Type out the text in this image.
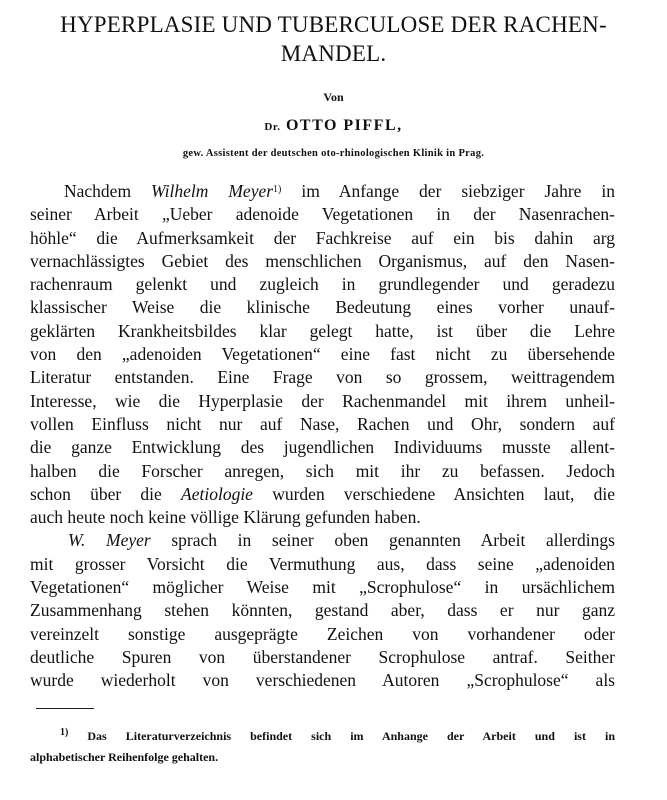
HYPERPLASIE UND TUBERCULOSE DER RACHEN-
MANDEL.
Von
Dr. OTTO PIFFL,
gew. Assistent der deutschen oto-rhinologischen Klinik in Prag.
Nachdem Wilhelm Meyer$^{1)}$ im Anfange der siebziger Jahre in
seiner Arbeit „Ueber adenoide Vegetationen in der Nasenrachen-
höhle“ die Aufmerksamkeit der Fachkreise auf ein bis dahin arg
vernachlässigtes Gebiet des menschlichen Organismus, auf den Nasen-
rachenraum gelenkt und zugleich in grundlegender und geradezu
klassischer Weise die klinische Bedeutung eines vorher unauf-
geklärten Krankheitsbildes klar gelegt hatte, ist über die Lehre
von den „adenoiden Vegetationen“ eine fast nicht zu übersehende
Literatur entstanden. Eine Frage von so grossem, weittragendem
Interesse, wie die Hyperplasie der Rachenmandel mit ihrem unheil-
vollen Einfluss nicht nur auf Nase, Rachen und Ohr, sondern auf
die ganze Entwicklung des jugendlichen Individuums musste allent-
halben die Forscher anregen, sich mit ihr zu befassen. Jedoch
schon über die Aetiologie wurden verschiedene Ansichten laut, die
auch heute noch keine völlige Klärung gefunden haben.
W. Meyer sprach in seiner oben genannten Arbeit allerdings
mit grosser Vorsicht die Vermuthung aus, dass seine „adenoiden
Vegetationen“ möglicher Weise mit „Scrophulose“ in ursächlichem
Zusammenhang stehen könnten, gestand aber, dass er nur ganz
vereinzelt sonstige ausgeprägte Zeichen von vorhandener oder
deutliche Spuren von überstandener Scrophulose antraf. Seither
wurde wiederholt von verschiedenen Autoren „Scrophulose“ als
$^{1)}$ Das Literaturverzeichnis befindet sich im Anhange der Arbeit und ist in
alphabetischer Reihenfolge gehalten.
